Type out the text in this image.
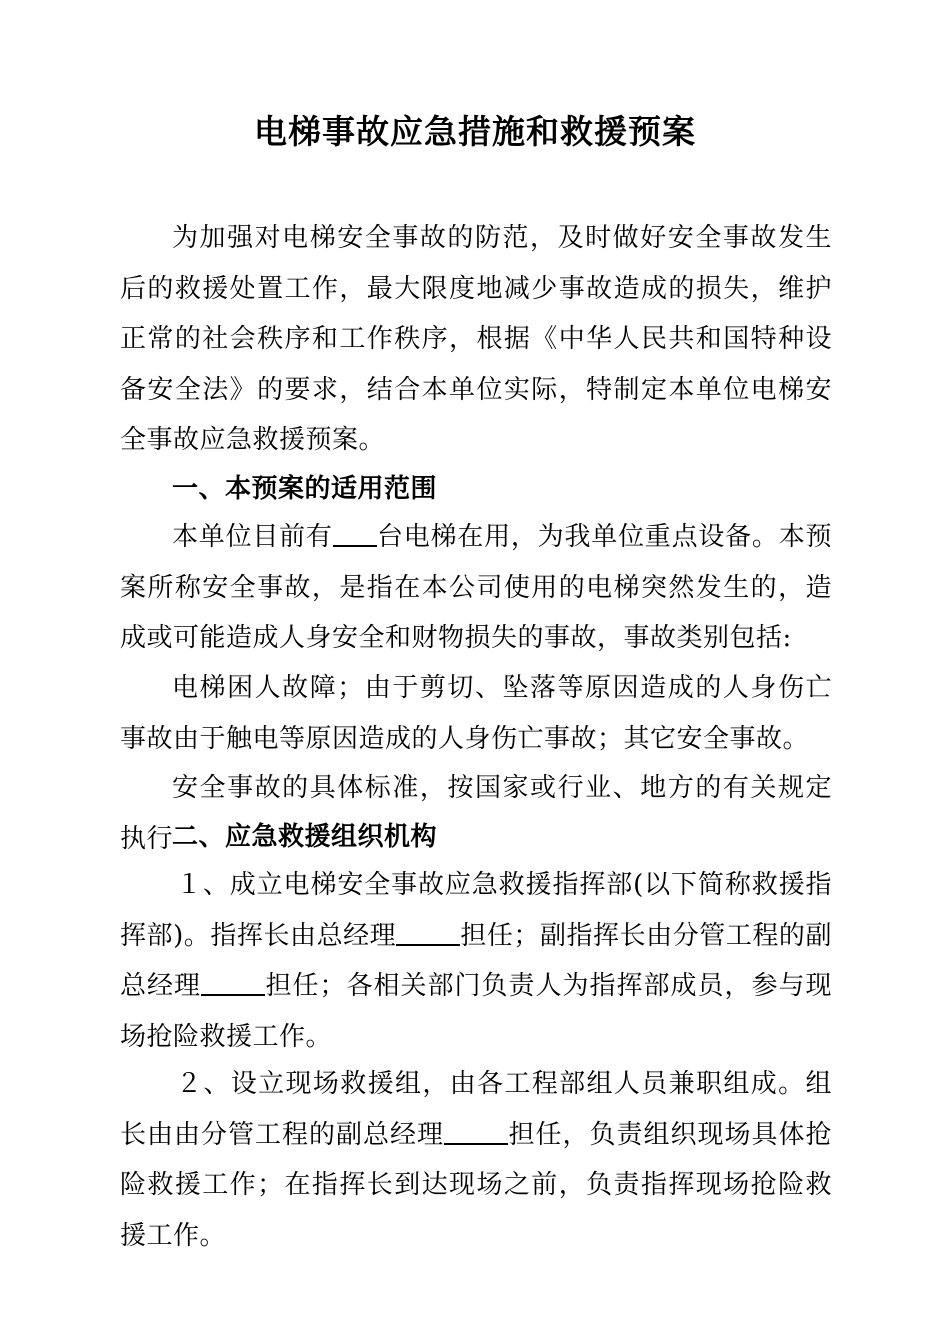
电梯事故应急措施和救援预案
为加强对电梯安全事故的防范，及时做好安全事故发生后的救援处置工作，最大限度地减少事故造成的损失，维护正常的社会秩序和工作秩序，根据《中华人民共和国特种设备安全法》的要求，结合本单位实际，特制定本单位电梯安全事故应急救援预案。
一、本预案的适用范围
本单位目前有 台电梯在用，为我单位重点设备。本预案所称安全事故，是指在本公司使用的电梯突然发生的，造成或可能造成人身安全和财物损失的事故，事故类别包括:
电梯困人故障；由于剪切、坠落等原因造成的人身伤亡事故由于触电等原因造成的人身伤亡事故；其它安全事故。
安全事故的具体标准，按国家或行业、地方的有关规定执行
二、应急救援组织机构
１、成立电梯安全事故应急救援指挥部(以下简称救援指挥部)。指挥长由总经理 担任；副指挥长由分管工程的副总经理 担任；各相关部门负责人为指挥部成员，参与现场抢险救援工作。
２、设立现场救援组，由各工程部组人员兼职组成。组长由由分管工程的副总经理 担任，负责组织现场具体抢险救援工作；在指挥长到达现场之前，负责指挥现场抢险救援工作。
